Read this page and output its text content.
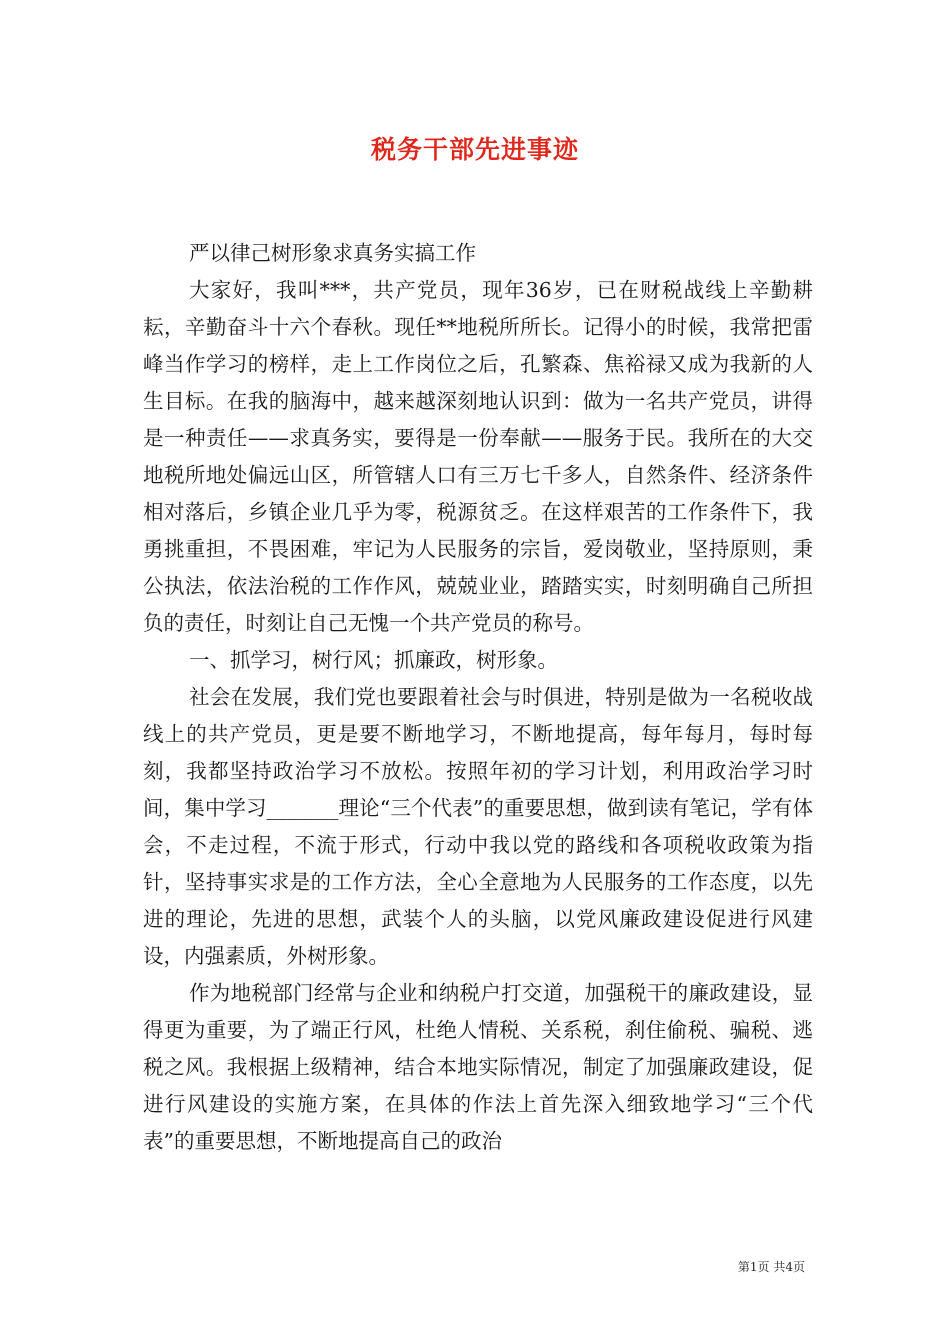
税务干部先进事迹

严以律己树形象求真务实搞工作

大家好，我叫***，共产党员，现年36岁，已在财税战线上辛勤耕耘，辛勤奋斗十六个春秋。现任**地税所所长。记得小的时候，我常把雷峰当作学习的榜样，走上工作岗位之后，孔繁森、焦裕禄又成为我新的人生目标。在我的脑海中，越来越深刻地认识到：做为一名共产党员，讲得是一种责任——求真务实，要得是一份奉献——服务于民。我所在的大交地税所地处偏远山区，所管辖人口有三万七千多人，自然条件、经济条件相对落后，乡镇企业几乎为零，税源贫乏。在这样艰苦的工作条件下，我勇挑重担，不畏困难，牢记为人民服务的宗旨，爱岗敬业，坚持原则，秉公执法，依法治税的工作作风，兢兢业业，踏踏实实，时刻明确自己所担负的责任，时刻让自己无愧一个共产党员的称号。

一、抓学习，树行风；抓廉政，树形象。

社会在发展，我们党也要跟着社会与时俱进，特别是做为一名税收战线上的共产党员，更是要不断地学习，不断地提高，每年每月，每时每刻，我都坚持政治学习不放松。按照年初的学习计划，利用政治学习时间，集中学习_______理论“三个代表”的重要思想，做到读有笔记，学有体会，不走过程，不流于形式，行动中我以党的路线和各项税收政策为指针，坚持事实求是的工作方法，全心全意地为人民服务的工作态度，以先进的理论，先进的思想，武装个人的头脑，以党风廉政建设促进行风建设，内强素质，外树形象。

作为地税部门经常与企业和纳税户打交道，加强税干的廉政建设，显得更为重要，为了端正行风，杜绝人情税、关系税，刹住偷税、骗税、逃税之风。我根据上级精神，结合本地实际情况，制定了加强廉政建设，促进行风建设的实施方案，在具体的作法上首先深入细致地学习“三个代表”的重要思想，不断地提高自己的政治

第1页 共4页
